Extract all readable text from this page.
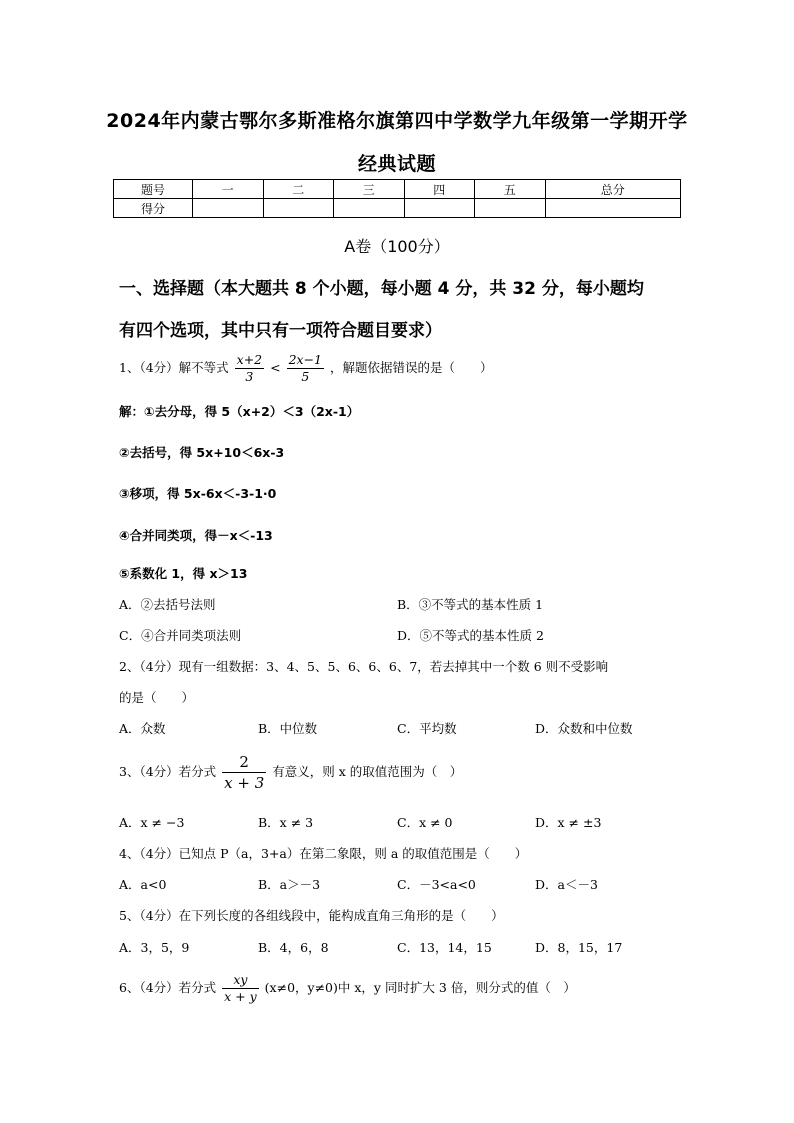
2024年内蒙古鄂尔多斯准格尔旗第四中学数学九年级第一学期开学
经典试题
题号	一	二	三	四	五	总分
得分						
A卷（100分）
一、选择题（本大题共 8 个小题，每小题 4 分，共 32 分，每小题均
有四个选项，其中只有一项符合题目要求）
1、（4分）解不等式 $\frac{x+2}{3} < \frac{2x-1}{5}$ ，解题依据错误的是（　　）
解：①去分母，得 5（x+2）＜3（2x-1）
②去括号，得 5x+10＜6x-3
③移项，得 5x-6x＜-3-1·0
④合并同类项，得－x＜-13
⑤系数化 1，得 x＞13
A．②去括号法则	B．③不等式的基本性质 1
C．④合并同类项法则	D．⑤不等式的基本性质 2
2、（4分）现有一组数据：3、4、5、5、6、6、6、7，若去掉其中一个数 6 则不受影响
的是（　　）
A．众数	B．中位数	C．平均数	D．众数和中位数
3、（4分）若分式 $\frac{2}{x + 3}$ 有意义，则 x 的取值范围为（　）
A．x ≠ −3	B．x ≠ 3	C．x ≠ 0	D．x ≠ ±3
4、（4分）已知点 P（a，3+a）在第二象限，则 a 的取值范围是（　　）
A．a<0	B．a＞－3	C．－3<a<0	D．a＜－3
5、（4分）在下列长度的各组线段中，能构成直角三角形的是（　　）
A．3，5，9	B．4，6，8	C．13，14，15	D．8，15，17
6、（4分）若分式 $\frac{xy}{x + y} (x\ne 0$，y≠0)中 x，y 同时扩大 3 倍，则分式的值（　）
